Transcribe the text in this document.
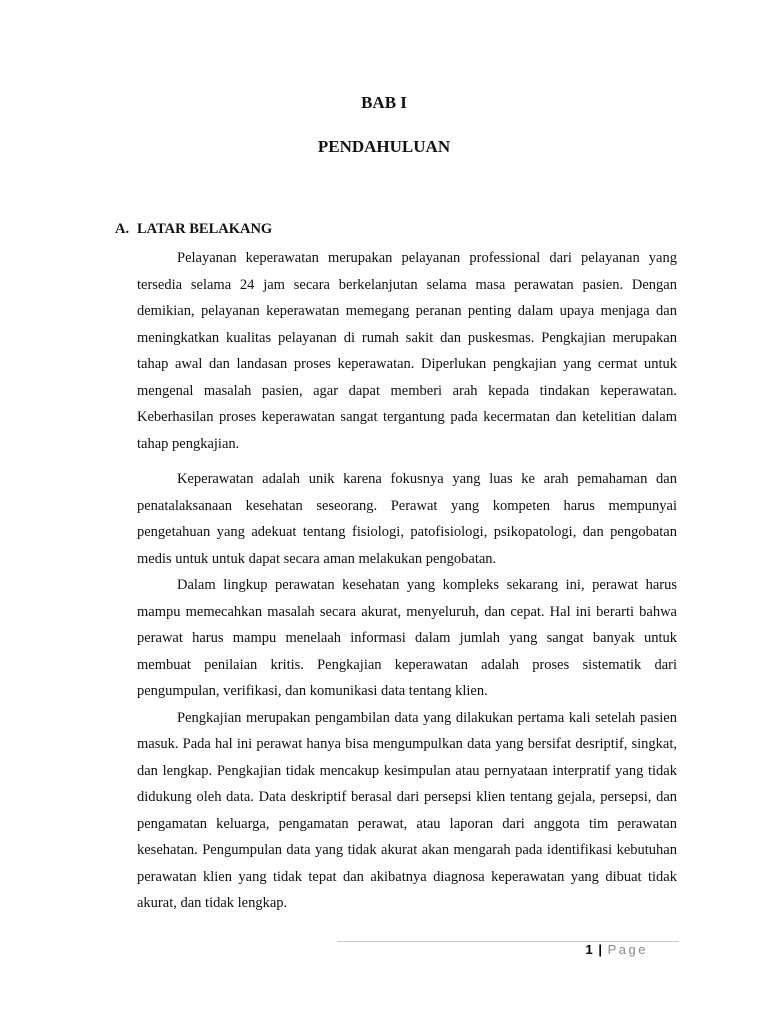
BAB I
PENDAHULUAN
A. LATAR BELAKANG

Pelayanan keperawatan merupakan pelayanan professional dari pelayanan yang tersedia selama 24 jam secara berkelanjutan selama masa perawatan pasien. Dengan demikian, pelayanan keperawatan memegang peranan penting dalam upaya menjaga dan meningkatkan kualitas pelayanan di rumah sakit dan puskesmas. Pengkajian merupakan tahap awal dan landasan proses keperawatan. Diperlukan pengkajian yang cermat untuk mengenal masalah pasien, agar dapat memberi arah kepada tindakan keperawatan. Keberhasilan proses keperawatan sangat tergantung pada kecermatan dan ketelitian dalam tahap pengkajian.

Keperawatan adalah unik karena fokusnya yang luas ke arah pemahaman dan penatalaksanaan kesehatan seseorang. Perawat yang kompeten harus mempunyai pengetahuan yang adekuat tentang fisiologi, patofisiologi, psikopatologi, dan pengobatan medis untuk untuk dapat secara aman melakukan pengobatan.

Dalam lingkup perawatan kesehatan yang kompleks sekarang ini, perawat harus mampu memecahkan masalah secara akurat, menyeluruh, dan cepat. Hal ini berarti bahwa perawat harus mampu menelaah informasi dalam jumlah yang sangat banyak untuk membuat penilaian kritis. Pengkajian keperawatan adalah proses sistematik dari pengumpulan, verifikasi, dan komunikasi data tentang klien.

Pengkajian merupakan pengambilan data yang dilakukan pertama kali setelah pasien masuk. Pada hal ini perawat hanya bisa mengumpulkan data yang bersifat desriptif, singkat, dan lengkap. Pengkajian tidak mencakup kesimpulan atau pernyataan interpratif yang tidak didukung oleh data. Data deskriptif berasal dari persepsi klien tentang gejala, persepsi, dan pengamatan keluarga, pengamatan perawat, atau laporan dari anggota tim perawatan kesehatan. Pengumpulan data yang tidak akurat akan mengarah pada identifikasi kebutuhan perawatan klien yang tidak tepat dan akibatnya diagnosa keperawatan yang dibuat tidak akurat, dan tidak lengkap.

1 | Page
